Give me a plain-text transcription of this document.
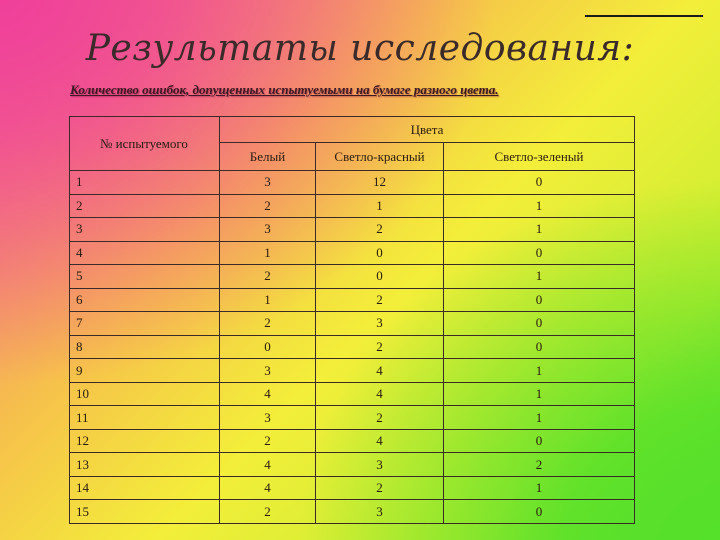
Результаты исследования:
Количество ошибок, допущенных испытуемыми на бумаге разного цвета.
№ испытуемого	Цвета		
	Белый	Светло-красный	Светло-зеленый
1	3	12	0
2	2	1	1
3	3	2	1
4	1	0	0
5	2	0	1
6	1	2	0
7	2	3	0
8	0	2	0
9	3	4	1
10	4	4	1
11	3	2	1
12	2	4	0
13	4	3	2
14	4	2	1
15	2	3	0
